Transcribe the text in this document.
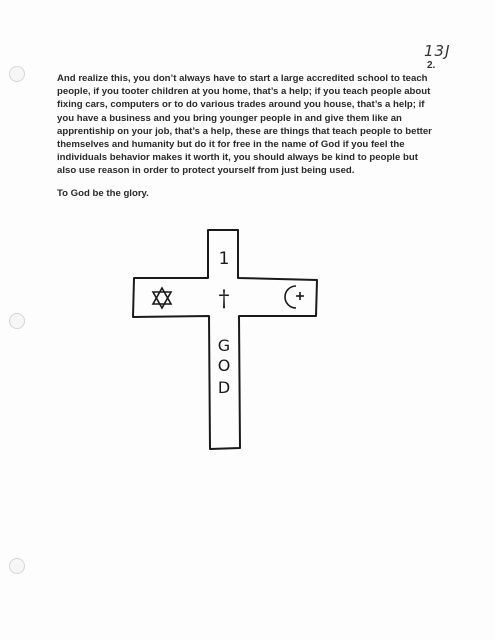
13J
2.
And realize this, you don’t always have to start a large accredited school to teach people, if you tooter children at you home, that’s a help; if you teach people about fixing cars, computers or to do various trades around you house, that’s a help; if you have a business and you bring younger people in and give them like an apprentiship on your job, that’s a help, these are things that teach people to better themselves and humanity but do it for free in the name of God if you feel the individuals behavior makes it worth it, you should always be kind to people but also use reason in order to protect yourself from just being used.
To God be the glory.
1
†
G
O
D
